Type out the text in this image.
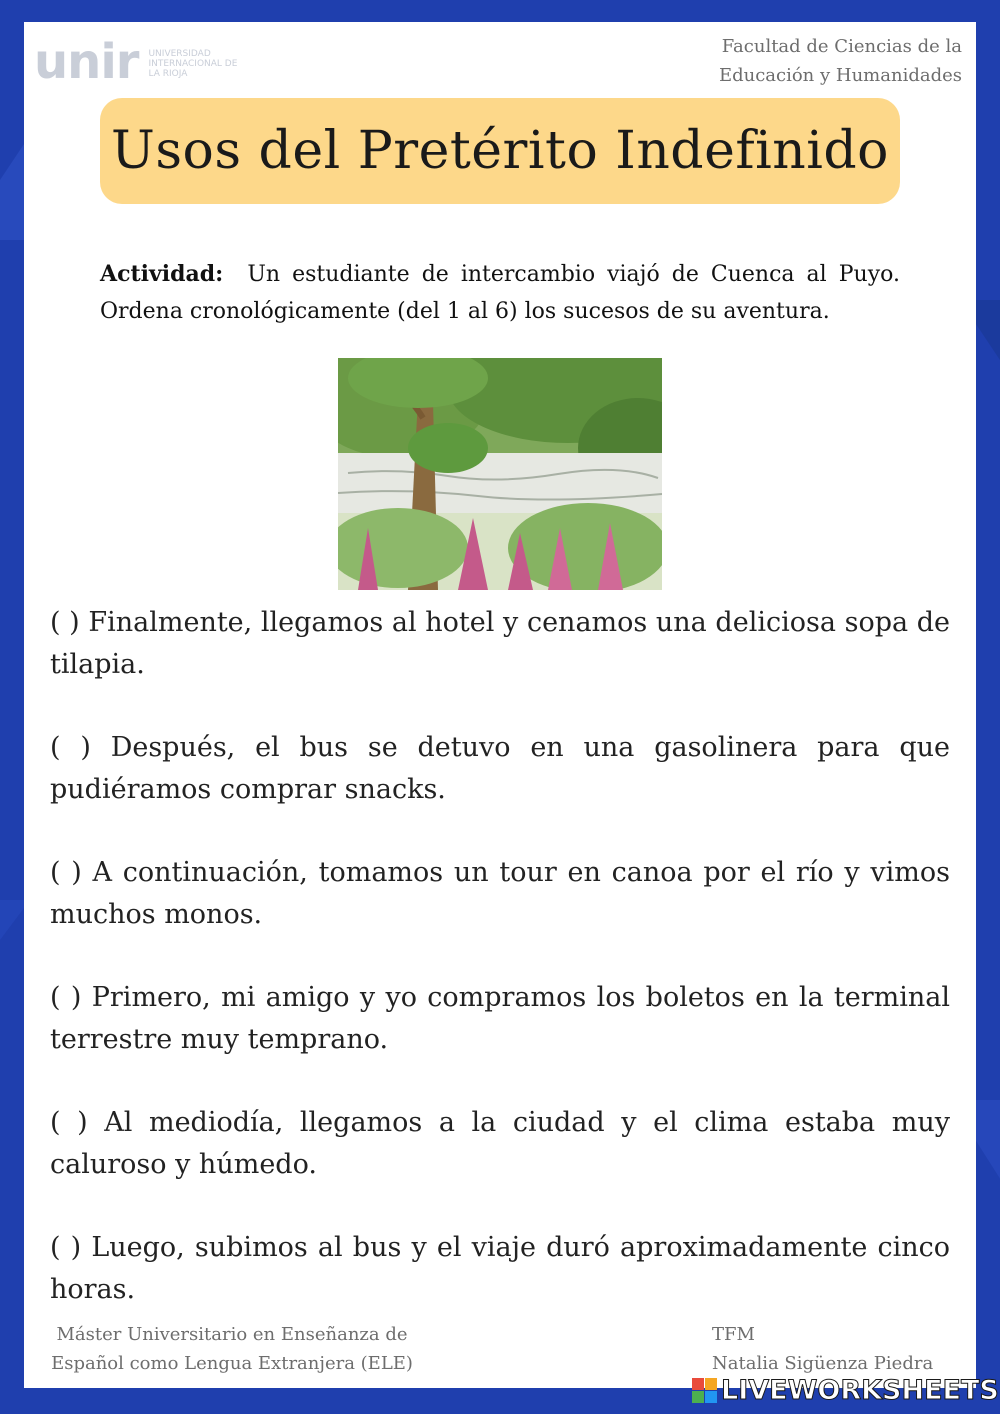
unir UNIVERSIDAD INTERNACIONAL DE LA RIOJA
Facultad de Ciencias de la
Educación y Humanidades
Usos del Pretérito Indefinido
Actividad: Un estudiante de intercambio viajó de Cuenca al Puyo. Ordena cronológicamente (del 1 al 6) los sucesos de su aventura.

( ) Finalmente, llegamos al hotel y cenamos una deliciosa sopa de tilapia.

( ) Después, el bus se detuvo en una gasolinera para que pudiéramos comprar snacks.

( ) A continuación, tomamos un tour en canoa por el río y vimos muchos monos.

( ) Primero, mi amigo y yo compramos los boletos en la terminal terrestre muy temprano.

( ) Al mediodía, llegamos a la ciudad y el clima estaba muy caluroso y húmedo.

( ) Luego, subimos al bus y el viaje duró aproximadamente cinco horas.

Máster Universitario en Enseñanza de
Español como Lengua Extranjera (ELE)
TFM
Natalia Sigüenza Piedra
LIVEWORKSHEETS
